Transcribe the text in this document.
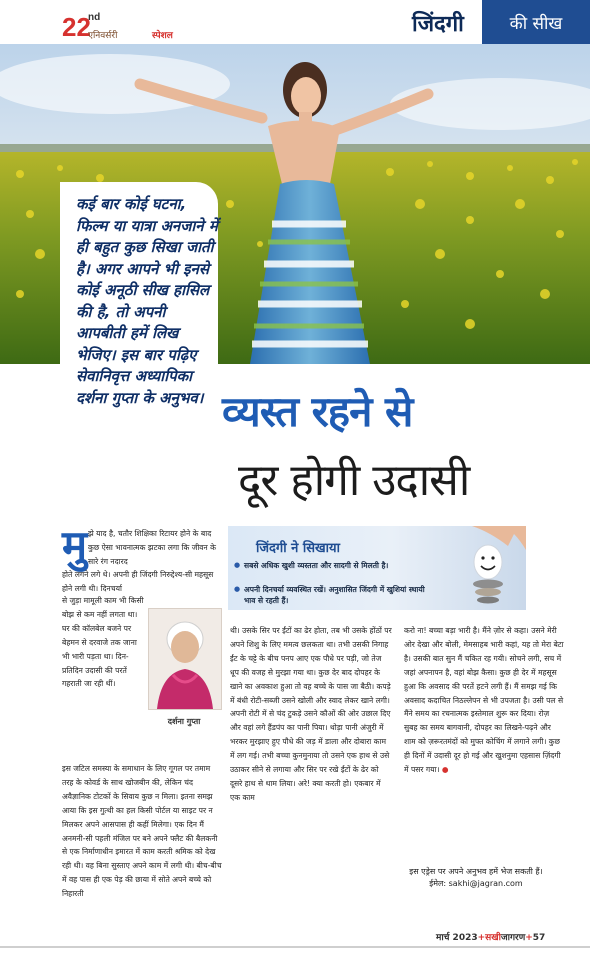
22
nd
एनिवर्सरी	स्पेशल	जिंदगी	की सीख

कई बार कोई घटना, फिल्म या यात्रा अनजाने में ही बहुत कुछ सिखा जाती है। अगर आपने भी इनसे कोई अनूठी सीख हासिल की है, तो अपनी आपबीती हमें लिख भेजिए। इस बार पढ़िए सेवानिवृत्त अध्यापिका दर्शना गुप्ता के अनुभव। व्यस्त रहने से
दूर होगी उदासी
जिंदगी ने सिखाया
● सबसे अधिक खुशी व्यस्तता और सादगी से मिलती है।
● अपनी दिनचर्या व्यवस्थित रखें। अनुशासित जिंदगी में खुशियां स्थायी भाव से रहती हैं।
मु झे याद है, चतौर शिक्षिका रिटायर होने के बाद कुछ ऐसा भावनात्मक झटका लगा कि जीवन के सारे रंग नदारद
होते लगने लगे थे। अपनी ही जिंदगी निरुद्देश्य-सी महसूस होने लगी थी। दिनचर्या
से जुड़ा मामूली काम भी किसी बोझ से कम नहीं लगता था। घर की कॉलबेल बजने पर बेहमन से दरवाजे तक जाना भी भारी पड़ता था। दिन-प्रतिदिन उदासी की परतें गहराती जा रही थीं।
इस जटिल समस्या के समाधान के लिए गूगल पर तमाम तरह के कोवर्ड के साथ खोजबीन की, लेकिन चंद अवैज्ञानिक टोटकों के सिवाय कुछ न मिला। इतना समझ आया कि इस गुत्थी का हल किसी पोर्टल या साइट पर न मिलकर अपने आसपास ही कहीं मिलेगा। एक दिन मैं अनमनी-सी पहली मंजिल पर बने अपने फ्लैट की बैलकनी से एक निर्माणाधीन इमारत में काम करती श्रमिक को देख रही थी। वह बिना सुस्ताए अपने काम में लगी थी। बीच-बीच में वह पास ही एक पेड़ की छाया में सोते अपने बच्चे को निहारती
दर्शना गुप्ता
थी। उसके सिर पर ईंटों का ढेर होता, तब भी उसके होंठों पर अपने शिशु के लिए ममत्व छलकता था। तभी उसकी निगाह ईंट के चट्टे के बीच पनप आए एक पौधे पर पड़ी, जो तेज धूप की वजह से मुरझा गया था। कुछ देर बाद दोपहर के खाने का अवकाश हुआ तो वह बच्चे के पास जा बैठी। कपड़े में बंधी रोटी-सब्जी उसने खोली और स्वाद लेकर खाने लगी। अपनी रोटी में से चंद टुकड़े उसने कौओं की ओर उछाल दिए और वहां लगे हैंडपंप का पानी पिया। थोड़ा पानी अंजुरी में भरकर मुरझाए हुए पौधे की जड़ में डाला और दोबारा काम में लग गई। तभी बच्चा कुनमुनाया तो उसने एक हाथ से उसे उठाकर सीने से लगाया और सिर पर रखे ईंटों के ढेर को दूसरे हाथ से थाम लिया। अरे! क्या करती हो। एकबार में एक काम
करो ना! बच्चा बड़ा भारी है। मैंने ज़ोर से कहा। उसने मेरी ओर देखा और बोली, मेमसाहब भारी कहां, यह तो मेरा बेटा है। उसकी बात सुन मैं चकित रह गयी। सोचने लगी, सच में जहां अपनापन है, वहां बोझ कैसा। कुछ ही देर में महसूस हुआ कि अवसाद की परतें हटने लगी हैं। मैं समझ गई कि अवसाद कदाचित निठल्लेपन से भी उपजता है। उसी पल से मैंने समय का रचनात्मक इस्तेमाल शुरू कर दिया। रोज़ सुबह का समय बागवानी, दोपहर का लिखने-पढ़ने और शाम को ज़रूरतमंदों को मुफ्त कोचिंग में लगाने लगी। कुछ ही दिनों में उदासी दूर हो गई और खुशनुमा एहसास ज़िंदगी में पसर गया। ●
इस एड्रेस पर अपने अनुभव हमें भेज सकती हैं।
ईमेल: sakhi@jagran.com
मार्च 2023+सखीजागरण+57
